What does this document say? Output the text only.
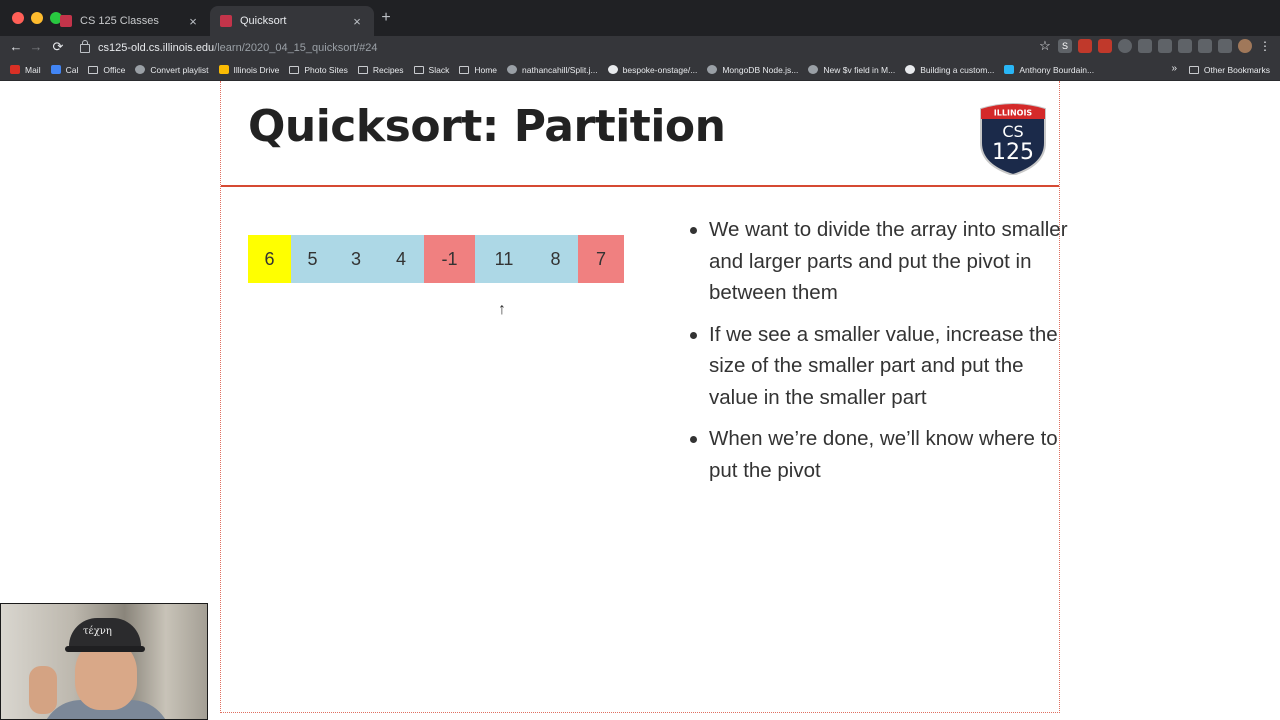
CS 125 Classes	×	Quicksort	× +
← → ⟳	cs125-old.cs.illinois.edu /learn/2020_04_15_quicksort/#24	☆	S	⋮
Mail	Cal	Office	Convert playlist	Illinois Drive	Photo Sites	Recipes	Slack	Home	nathancahill/Split.j...	bespoke-onstage/...	MongoDB Node.js...	New $v field in M...	Building a custom...	Anthony Bourdain...	»	Other Bookmarks
Quicksort: Partition	ILLINOIS
CS
125
6 5 3 4 -1 11 8 7
↑
We want to divide the array into smaller and larger parts and put the pivot in between them
If we see a smaller value, increase the size of the smaller part and put the value in the smaller part
When we’re done, we’ll know where to put the pivot
τέχνη
